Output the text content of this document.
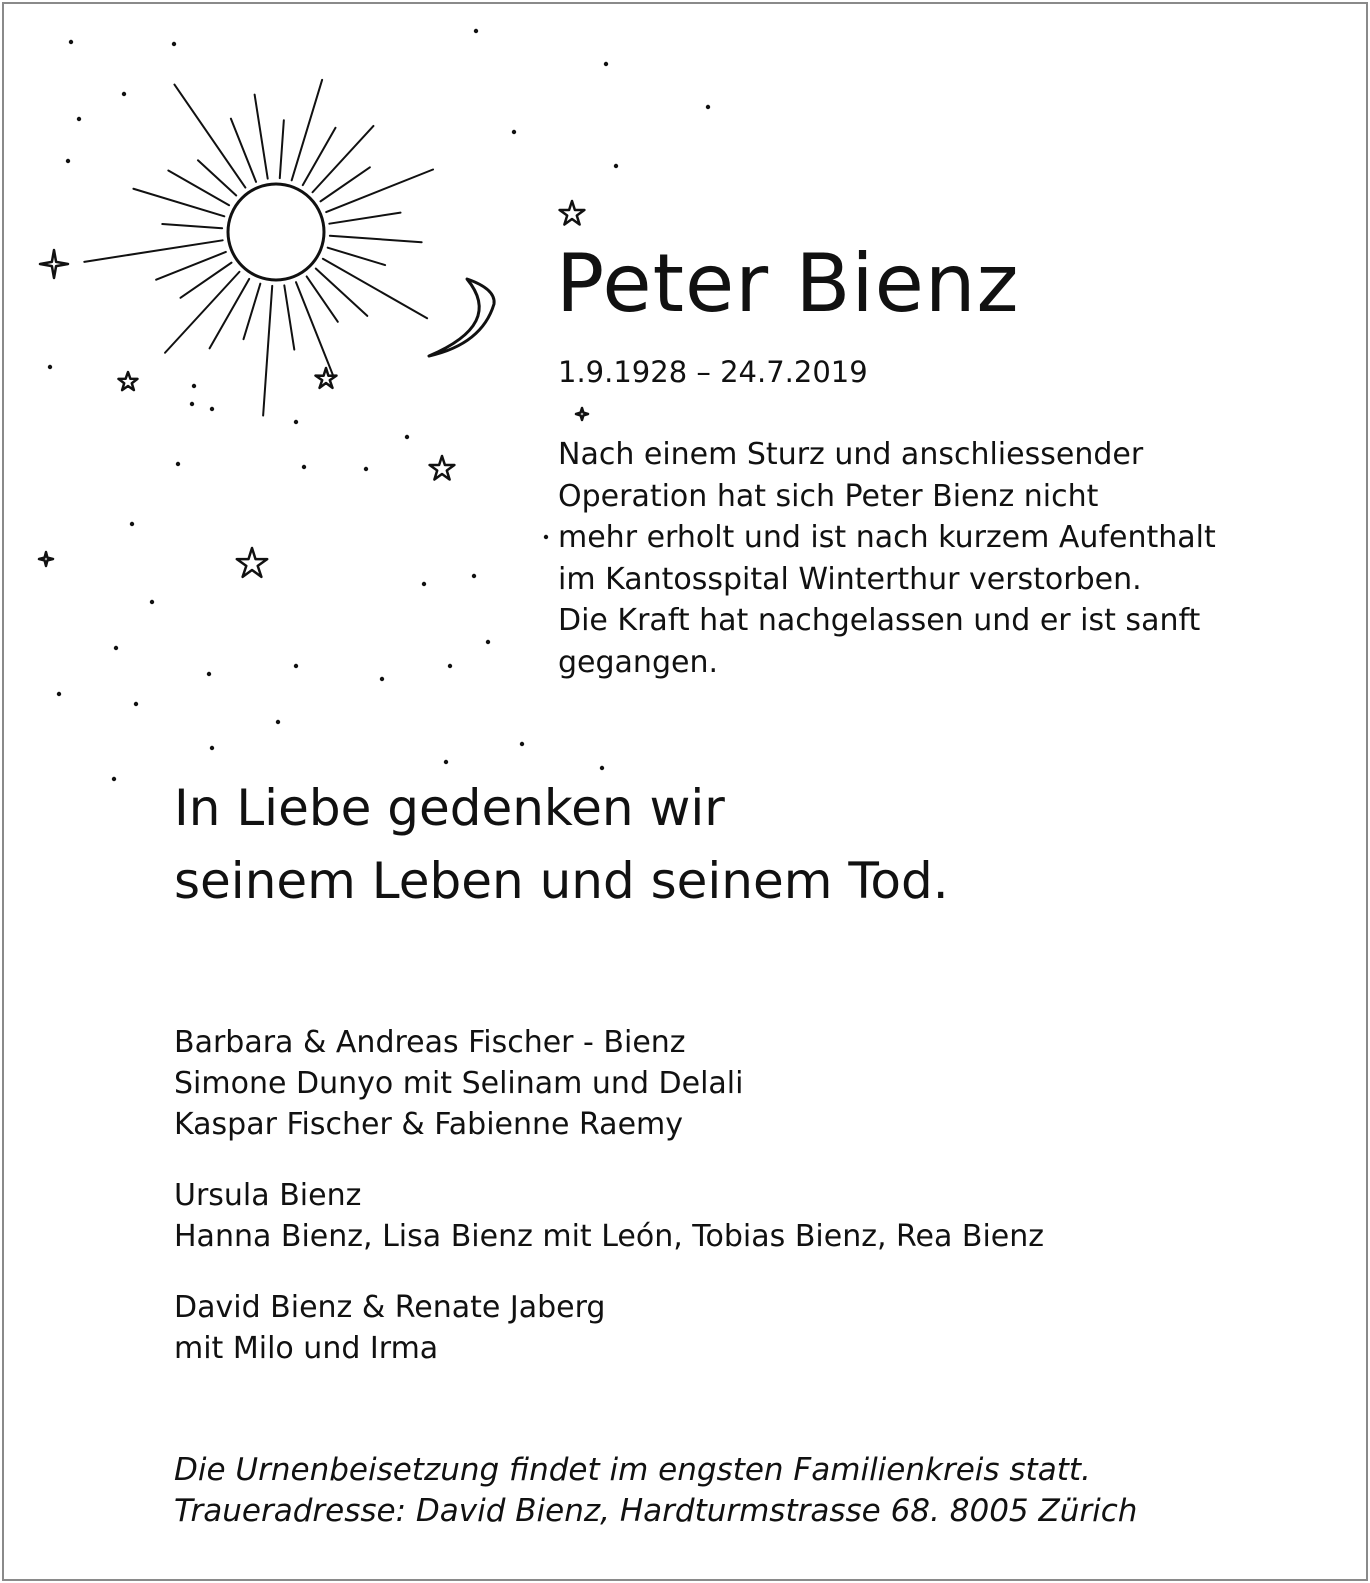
Peter Bienz
1.9.1928 – 24.7.2019

Nach einem Sturz und anschliessender
Operation hat sich Peter Bienz nicht
mehr erholt und ist nach kurzem Aufenthalt
im Kantosspital Winterthur verstorben.
Die Kraft hat nachgelassen und er ist sanft
gegangen.

In Liebe gedenken wir
seinem Leben und seinem Tod.
Barbara & Andreas Fischer - Bienz
Simone Dunyo mit Selinam und Delali
Kaspar Fischer & Fabienne Raemy
Ursula Bienz
Hanna Bienz, Lisa Bienz mit León, Tobias Bienz, Rea Bienz
David Bienz & Renate Jaberg
mit Milo und Irma
Die Urnenbeisetzung findet im engsten Familienkreis statt.
Traueradresse: David Bienz, Hardturmstrasse 68. 8005 Zürich
